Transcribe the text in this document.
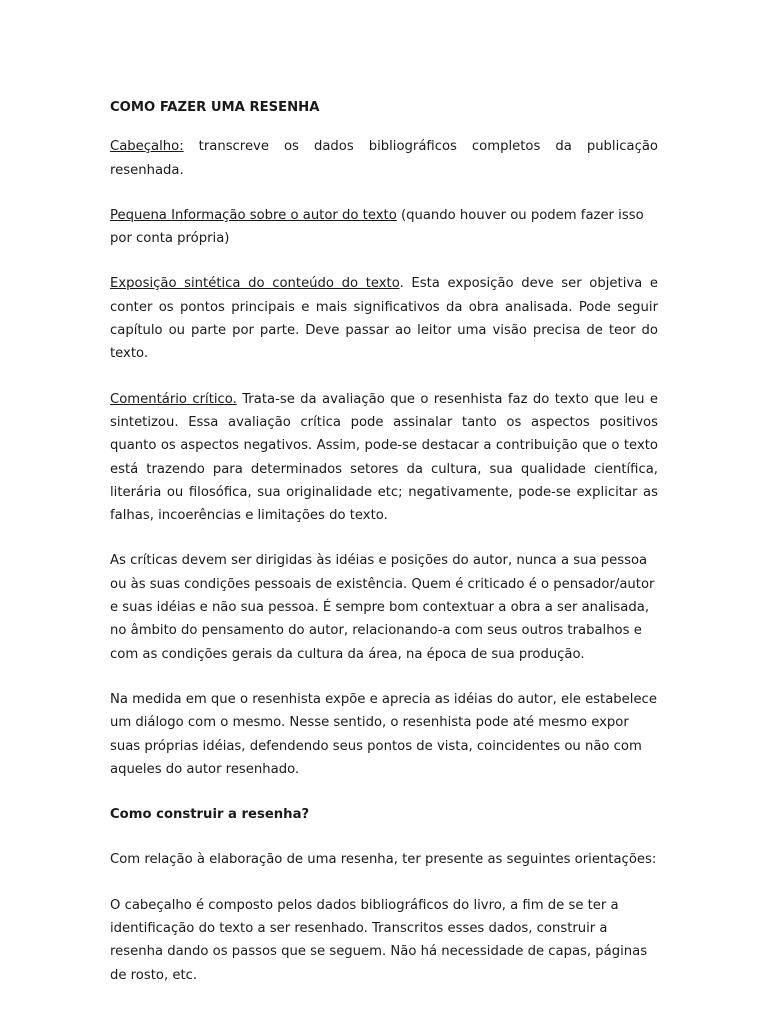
COMO FAZER UMA RESENHA

Cabeçalho: transcreve os dados bibliográficos completos da publicação resenhada.

Pequena Informação sobre o autor do texto (quando houver ou podem fazer isso por conta própria)

Exposição sintética do conteúdo do texto. Esta exposição deve ser objetiva e conter os pontos principais e mais significativos da obra analisada. Pode seguir capítulo ou parte por parte. Deve passar ao leitor uma visão precisa de teor do texto.

Comentário crítico. Trata-se da avaliação que o resenhista faz do texto que leu e sintetizou. Essa avaliação crítica pode assinalar tanto os aspectos positivos quanto os aspectos negativos. Assim, pode-se destacar a contribuição que o texto está trazendo para determinados setores da cultura, sua qualidade científica, literária ou filosófica, sua originalidade etc; negativamente, pode-se explicitar as falhas, incoerências e limitações do texto.

As críticas devem ser dirigidas às idéias e posições do autor, nunca a sua pessoa ou às suas condições pessoais de existência. Quem é criticado é o pensador/autor e suas idéias e não sua pessoa. É sempre bom contextuar a obra a ser analisada, no âmbito do pensamento do autor, relacionando-a com seus outros trabalhos e com as condições gerais da cultura da área, na época de sua produção.

Na medida em que o resenhista expõe e aprecia as idéias do autor, ele estabelece um diálogo com o mesmo. Nesse sentido, o resenhista pode até mesmo expor suas próprias idéias, defendendo seus pontos de vista, coincidentes ou não com aqueles do autor resenhado.

Como construir a resenha?

Com relação à elaboração de uma resenha, ter presente as seguintes orientações:

O cabeçalho é composto pelos dados bibliográficos do livro, a fim de se ter a identificação do texto a ser resenhado. Transcritos esses dados, construir a resenha dando os passos que se seguem. Não há necessidade de capas, páginas de rosto, etc.
